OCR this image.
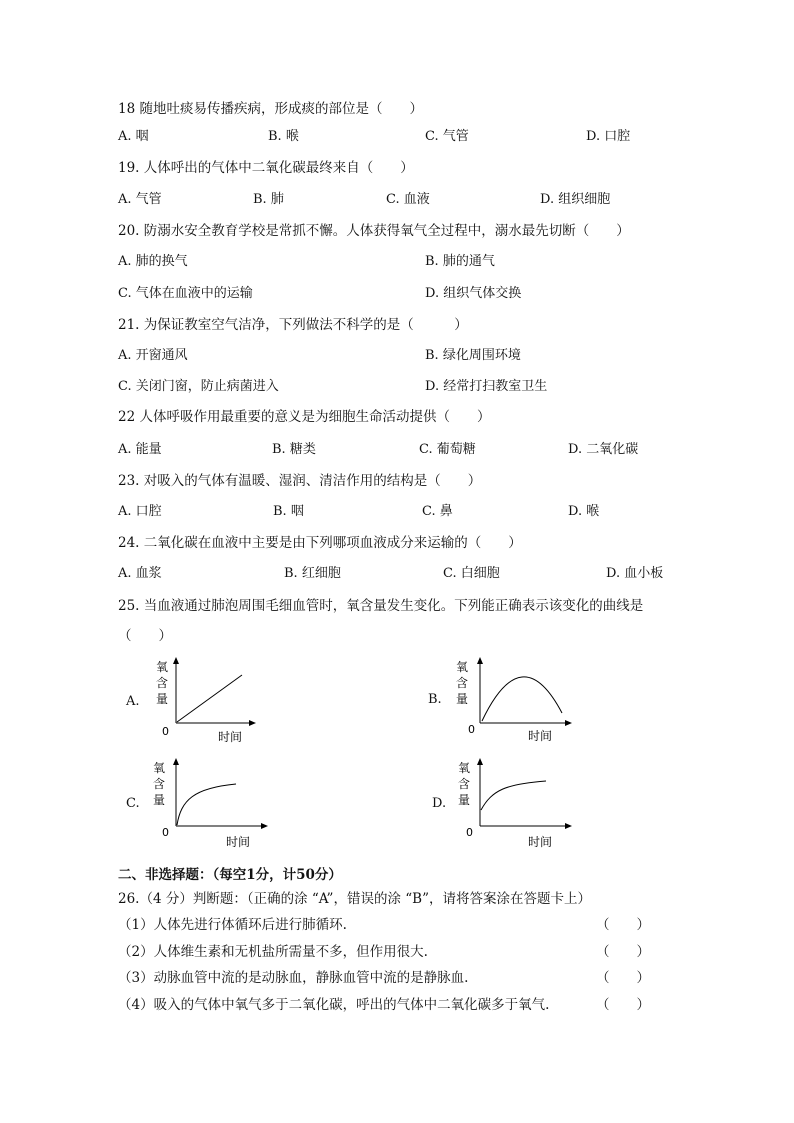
18 随地吐痰易传播疾病，形成痰的部位是（　　）
A. 咽	B. 喉	C. 气管	D. 口腔
19. 人体呼出的气体中二氧化碳最终来自（　　）
A. 气管	B. 肺	C. 血液	D. 组织细胞
20. 防溺水安全教育学校是常抓不懈。人体获得氧气全过程中，溺水最先切断（　　）
A. 肺的换气	B. 肺的通气
C. 气体在血液中的运输	D. 组织气体交换
21. 为保证教室空气洁净，下列做法不科学的是（　　　）
A. 开窗通风	B. 绿化周围环境
C. 关闭门窗，防止病菌进入	D. 经常打扫教室卫生
22 人体呼吸作用最重要的意义是为细胞生命活动提供（　　）
A. 能量	B. 糖类	C. 葡萄糖	D. 二氧化碳
23. 对吸入的气体有温暖、湿润、清洁作用的结构是（　　）
A. 口腔	B. 咽	C. 鼻	D. 喉
24. 二氧化碳在血液中主要是由下列哪项血液成分来运输的（　　）
A. 血浆	B. 红细胞	C. 白细胞	D. 血小板
25. 当血液通过肺泡周围毛细血管时，氧含量发生变化。下列能正确表示该变化的曲线是
（　　）
A.
氧
含
量
0	时间
B.
氧
含
量
0	时间
C.
氧
含
量
0
时间
D.
氧
含
量
0
时间
二、非选择题：（每空1分，计50分）
26.（4 分）判断题：（正确的涂 “A”，错误的涂 “B”，请将答案涂在答题卡上）
（1）人体先进行体循环后进行肺循环.	（　　）
（2）人体维生素和无机盐所需量不多，但作用很大.	（　　）
（3）动脉血管中流的是动脉血，静脉血管中流的是静脉血.	（　　）
（4）吸入的气体中氧气多于二氧化碳，呼出的气体中二氧化碳多于氧气.	（　　）
